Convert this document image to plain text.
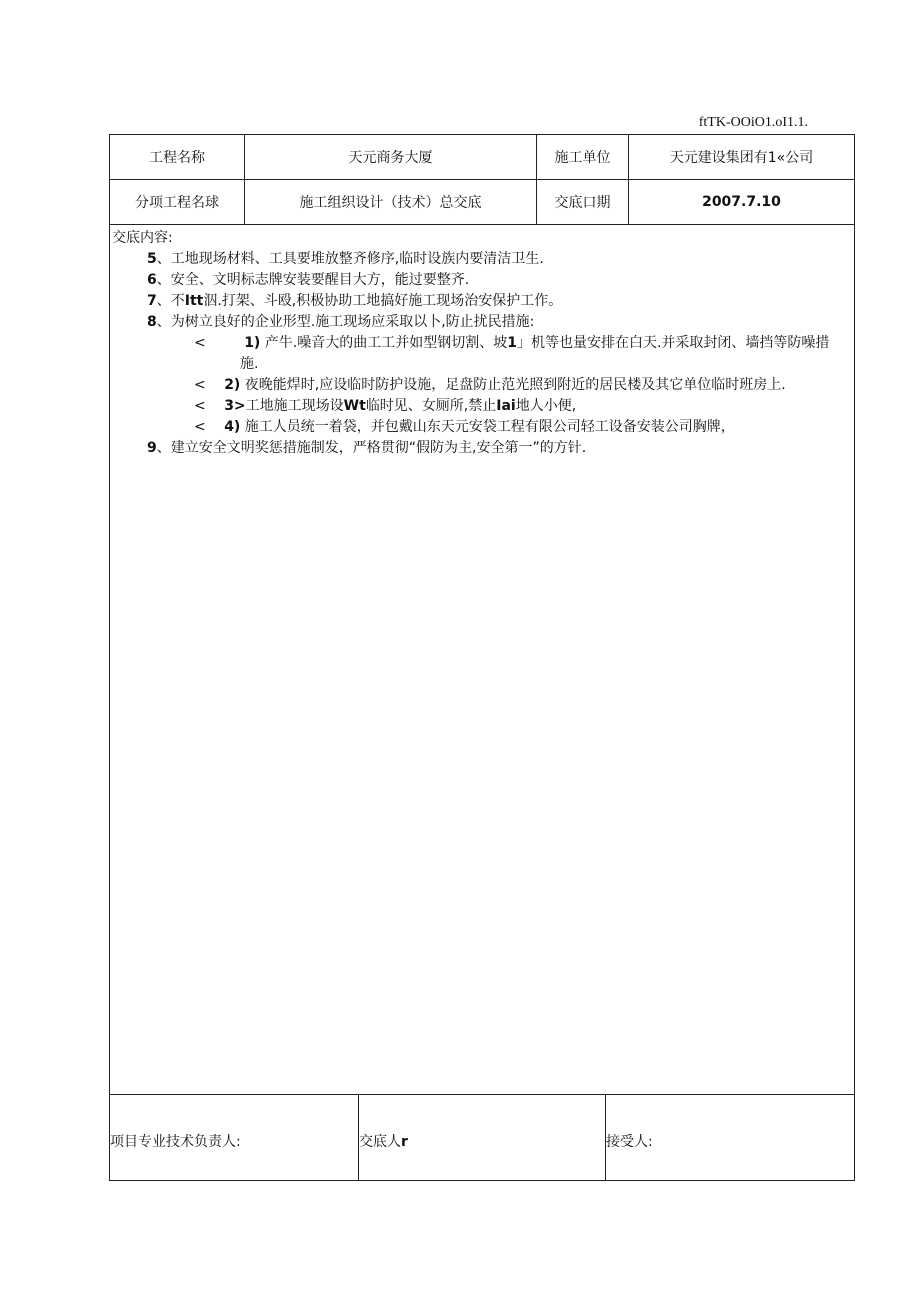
ftTK-OOiO1.oI1.1.
工程名称	天元商务大厦	施工单位	天元建设集团有1«公司
分项工程名球	施工组织设计（技术）总交底	交底口期	2007.7.10
交底内容:
5、工地现场材料、工具要堆放整齐修序,临时设族内要清洁卫生.
6、安全、文明标志牌安装要醒目大方，能过要整齐.
7、不Itt泅.打架、斗殴,积极协助工地搞好施工现场治安保护工作。
8、为树立良好的企业形型.施工现场应采取以卜,防止扰民措施:
<	1) 产牛.噪音大的曲工工并如型钢切割、坡1」机等也量安排在白天.并采取封闭、墙挡等防噪措
施.
< 2) 夜晚能焊时,应设临时防护设施，足盘防止范光照到附近的居民楼及其它单位临时班房上.
< 3>工地施工现场设Wt临时见、女厕所,禁止Iai地人小便,
< 4) 施工人员统一着袋，并包戴山东天元安袋工程有限公司轻工设备安装公司胸牌，
9、建立安全文明奖惩措施制发，严格贯彻“假防为主,安全第一”的方针.
项目专业技术负责人:	交底人r	接受人:
